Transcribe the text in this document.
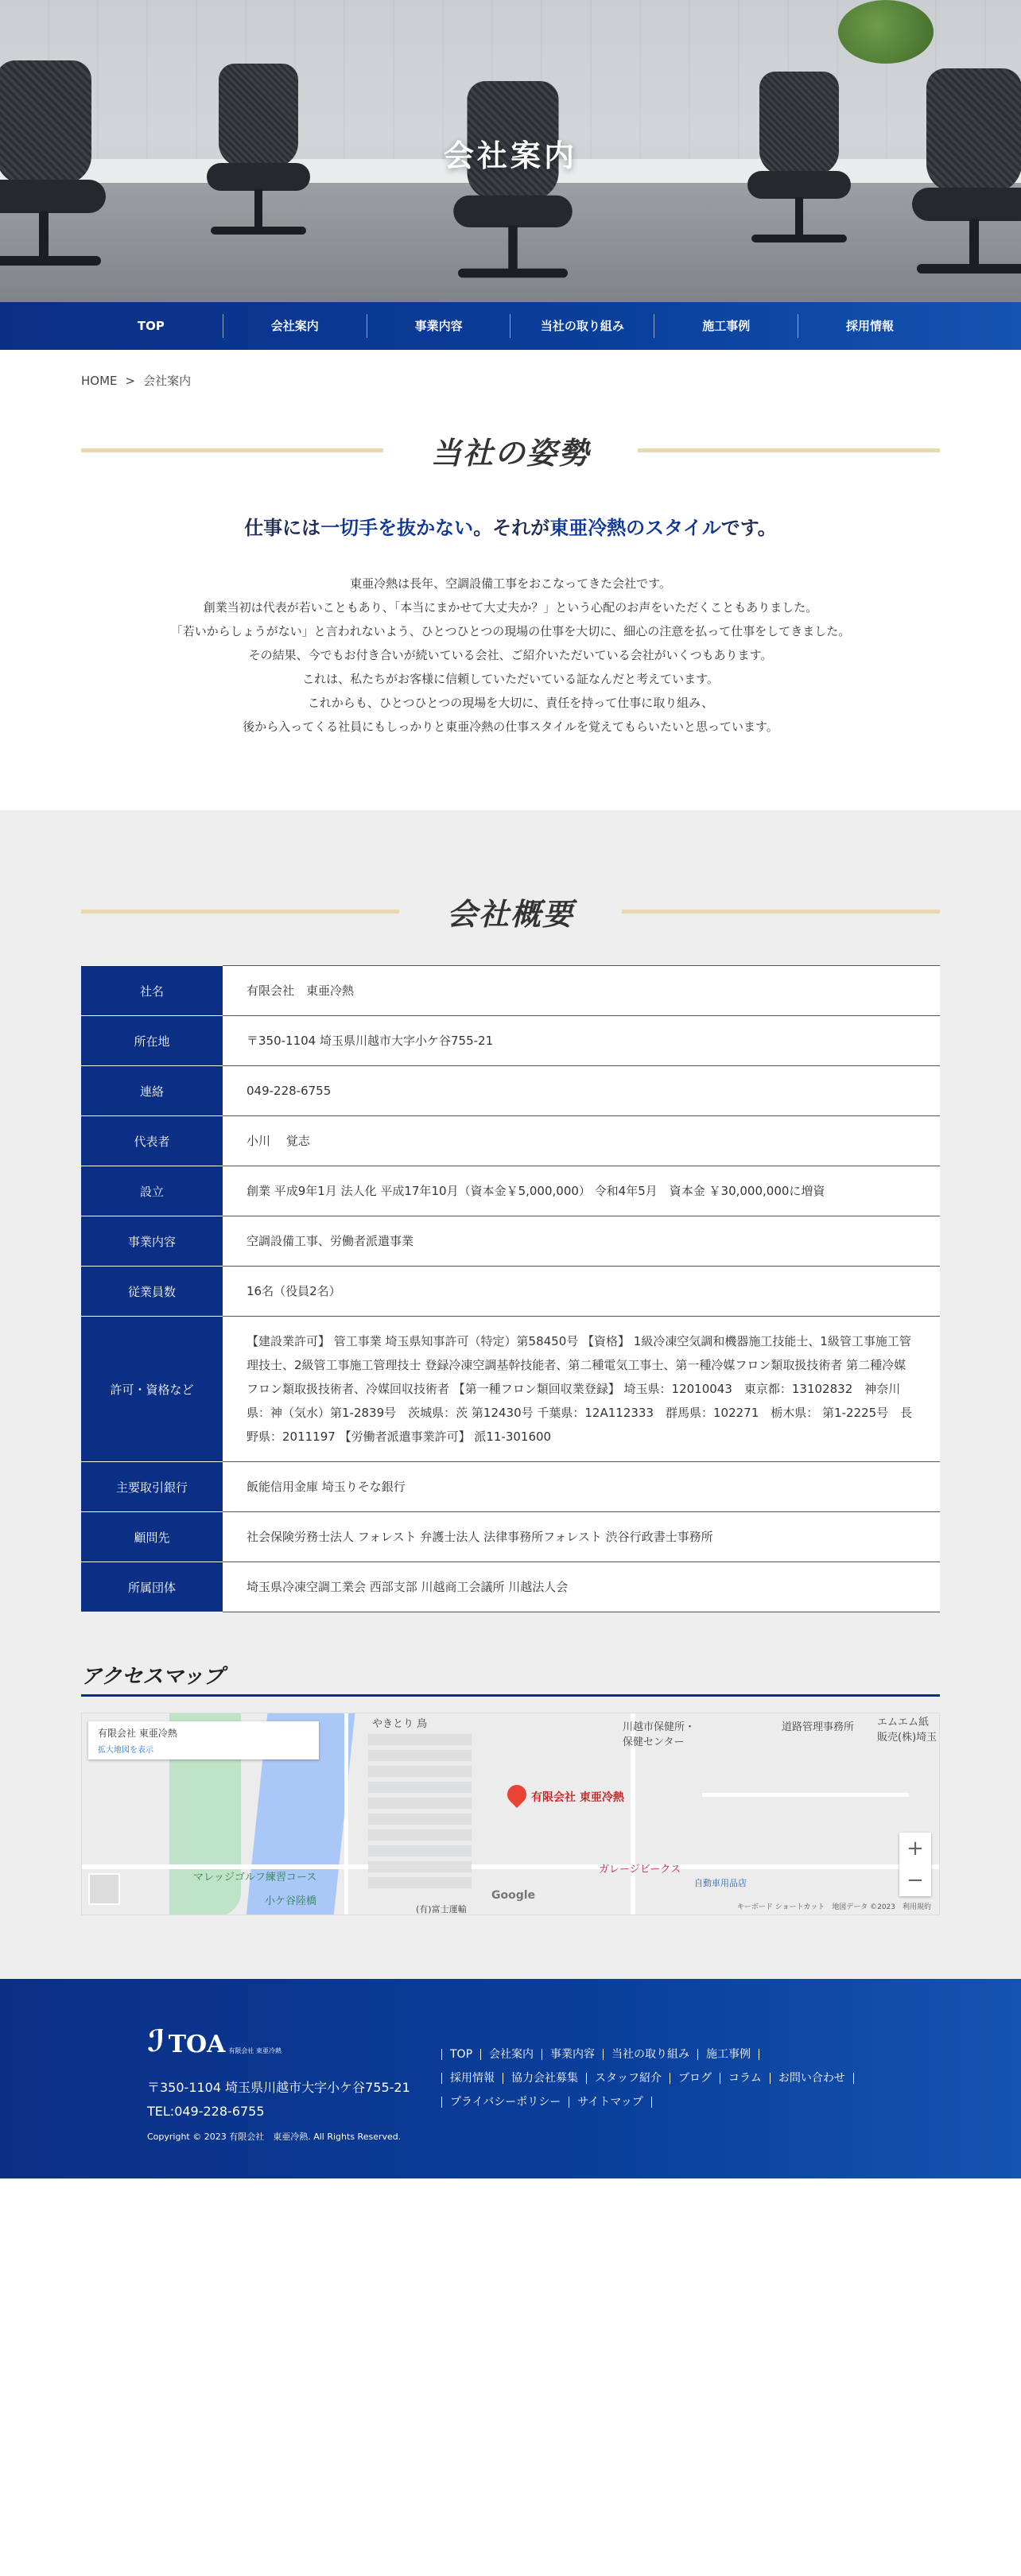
会社案内
TOP	会社案内	事業内容	当社の取り組み	施工事例	採用情報
HOME > 会社案内
当社の姿勢

仕事には一切手を抜かない。それが東亜冷熱のスタイルです。

東亜冷熱は長年、空調設備工事をおこなってきた会社です。

創業当初は代表が若いこともあり、「本当にまかせて大丈夫か？」という心配のお声をいただくこともありました。

「若いからしょうがない」と言われないよう、ひとつひとつの現場の仕事を大切に、細心の注意を払って仕事をしてきました。

その結果、今でもお付き合いが続いている会社、ご紹介いただいている会社がいくつもあります。

これは、私たちがお客様に信頼していただいている証なんだと考えています。

これからも、ひとつひとつの現場を大切に、責任を持って仕事に取り組み、

後から入ってくる社員にもしっかりと東亜冷熱の仕事スタイルを覚えてもらいたいと思っています。

会社概要
社名	有限会社　東亜冷熱

所在地	〒350-1104 埼玉県川越市大字小ケ谷755-21

連絡	049-228-6755

代表者	小川　 覚志

設立	創業 平成9年1月 法人化 平成17年10月（資本金￥5,000,000） 令和4年5月　資本金 ￥30,000,000に増資

事業内容	空調設備工事、労働者派遣事業

従業員数	16名（役員2名）

許可・資格など	【建設業許可】 管工事業 埼玉県知事許可（特定）第58450号 【資格】 1級冷凍空気調和機器施工技能士、1級管工事施工管理技士、2級管工事施工管理技士 登録冷凍空調基幹技能者、第二種電気工事士、第一種冷媒フロン類取扱技術者 第二種冷媒フロン類取扱技術者、冷媒回収技術者 【第一種フロン類回収業登録】 埼玉県：12010043　東京都：13102832　神奈川県：神（気水）第1-2839号　茨城県：茨 第12430号 千葉県：12A112333　群馬県：102271　栃木県： 第1-2225号　長野県：2011197 【労働者派遣事業許可】 派11-301600

主要取引銀行	飯能信用金庫 埼玉りそな銀行

顧問先	社会保険労務士法人 フォレスト 弁護士法人 法律事務所フォレスト 渋谷行政書士事務所

所属団体	埼玉県冷凍空調工業会 西部支部 川越商工会議所 川越法人会
アクセスマップ
有限会社 東亜冷熱
拡大地図を表示
やきとり 鳥	川越市保健所・
保健センター
道路管理事務所 エムエム紙
販売(株)埼玉
マレッジゴルフ練習コース
小ケ谷陸橋
ガレージビークス
自動車用品店
(有)富士運輸
有限会社 東亜冷熱
+
−
Google
キーボード ショートカット　地図データ ©2023　利用規約
ℐ TOA 有限会社 東亜冷熱
〒350-1104 埼玉県川越市大字小ケ谷755-21
TEL:049-228-6755
Copyright © 2023 有限会社　東亜冷熱. All Rights Reserved.
TOP	会社案内	事業内容	当社の取り組み	施工事例
採用情報	協力会社募集	スタッフ紹介	ブログ	コラム	お問い合わせ
プライバシーポリシー	サイトマップ
